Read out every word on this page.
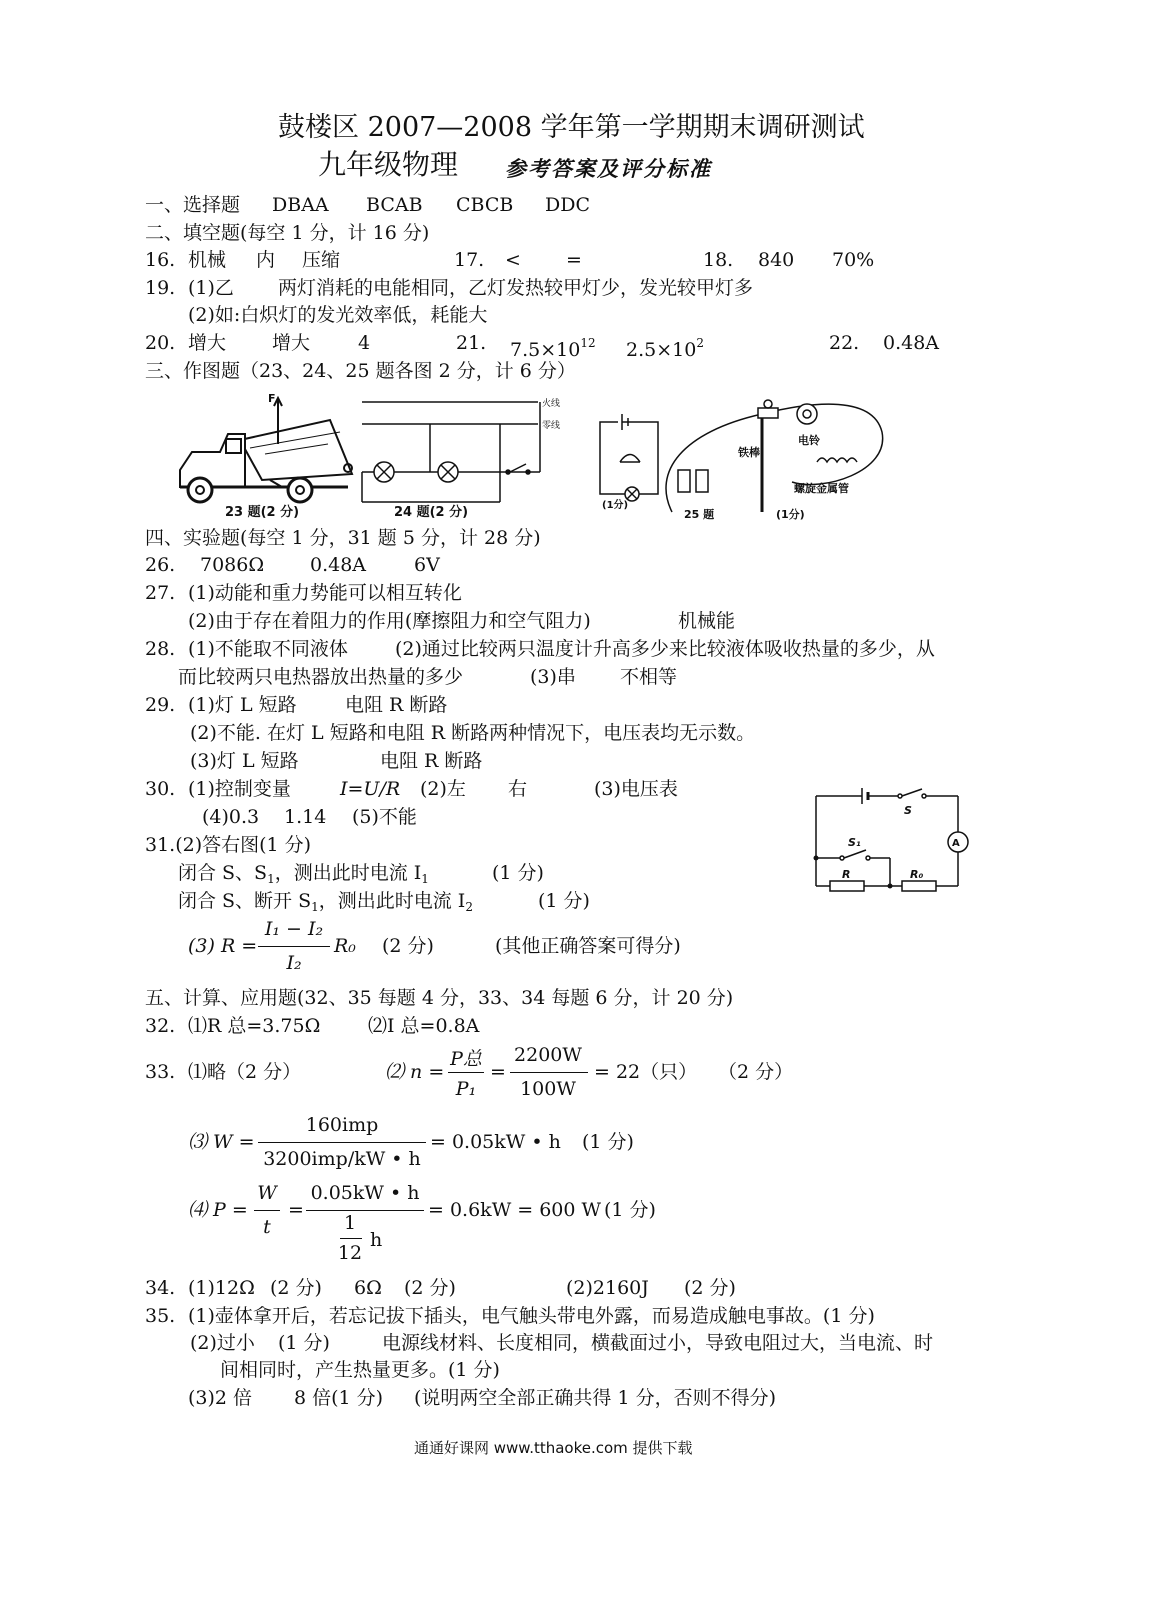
鼓楼区 2007—2008 学年第一学期期末调研测试
九年级物理 参考答案及评分标准
一、选择题 DBAA BCAB CBCB DDC
二、填空题(每空 1 分，计 16 分)
16. 机械 内 压缩	17. < =	18. 840 70%
19. (1)乙 两灯消耗的电能相同，乙灯发热较甲灯少，发光较甲灯多
(2)如:白炽灯的发光效率低，耗能大
20. 增大 增大	4	21. $7.5\times 10^{12}$ $2.5\times 10^2$	22. 0.48A
三、作图题（23、24、25 题各图 2 分，计 6 分）
F
23 题(2 分)
火线
零线
24 题(2 分)	(1分)
铁棒
电铃
螺旋金属管
25 题	(1分)
四、实验题(每空 1 分，31 题 5 分，计 28 分)
26. 7086Ω 0.48A	6V
27. (1)动能和重力势能可以相互转化
(2)由于存在着阻力的作用(摩擦阻力和空气阻力)	机械能
28. (1)不能取不同液体 (2)通过比较两只温度计升高多少来比较液体吸收热量的多少，从
而比较两只电热器放出热量的多少	(3)串 不相等
29. (1)灯 L 短路	电阻 R 断路
(2)不能. 在灯 L 短路和电阻 R 断路两种情况下，电压表均无示数。
(3)灯 L 短路	电阻 R 断路
30. (1)控制变量	I=U/R (2)左 右	(3)电压表
(4)0.3 1.14 (5)不能	S
S₁	A
R	R₀
31.(2)答右图(1 分)
闭合 S、$S_1$，测出此时电流 $I_1$	(1 分)
闭合 S、断开 $S_1$，测出此时电流 $I_2$	(1 分)
(3) R =
I₁ − I₂
I₂
R₀ (2 分)	(其他正确答案可得分)
五、计算、应用题(32、35 每题 4 分，33、34 每题 6 分，计 20 分)
32. ⑴R 总=3.75Ω	⑵I 总=0.8A
33. ⑴略（2 分）	⑵ n =
P总
P₁
=
2200W
100W
= 22（只） （2 分）
⑶ W =
160imp
3200imp/kW • h
= 0.05kW • h (1 分)
⑷ P =
W
t
=
0.05kW • h
1
12
h
= 0.6kW = 600 W (1 分)
34. (1)12Ω (2 分) 6Ω (2 分)	(2)2160J (2 分)
35. (1)壶体拿开后，若忘记拔下插头，电气触头带电外露，而易造成触电事故。(1 分)
(2)过小 (1 分)	电源线材料、长度相同，横截面过小，导致电阻过大，当电流、时
间相同时，产生热量更多。(1 分)
(3)2 倍 8 倍(1 分) (说明两空全部正确共得 1 分，否则不得分)
通通好课网 www.tthaoke.com 提供下载
